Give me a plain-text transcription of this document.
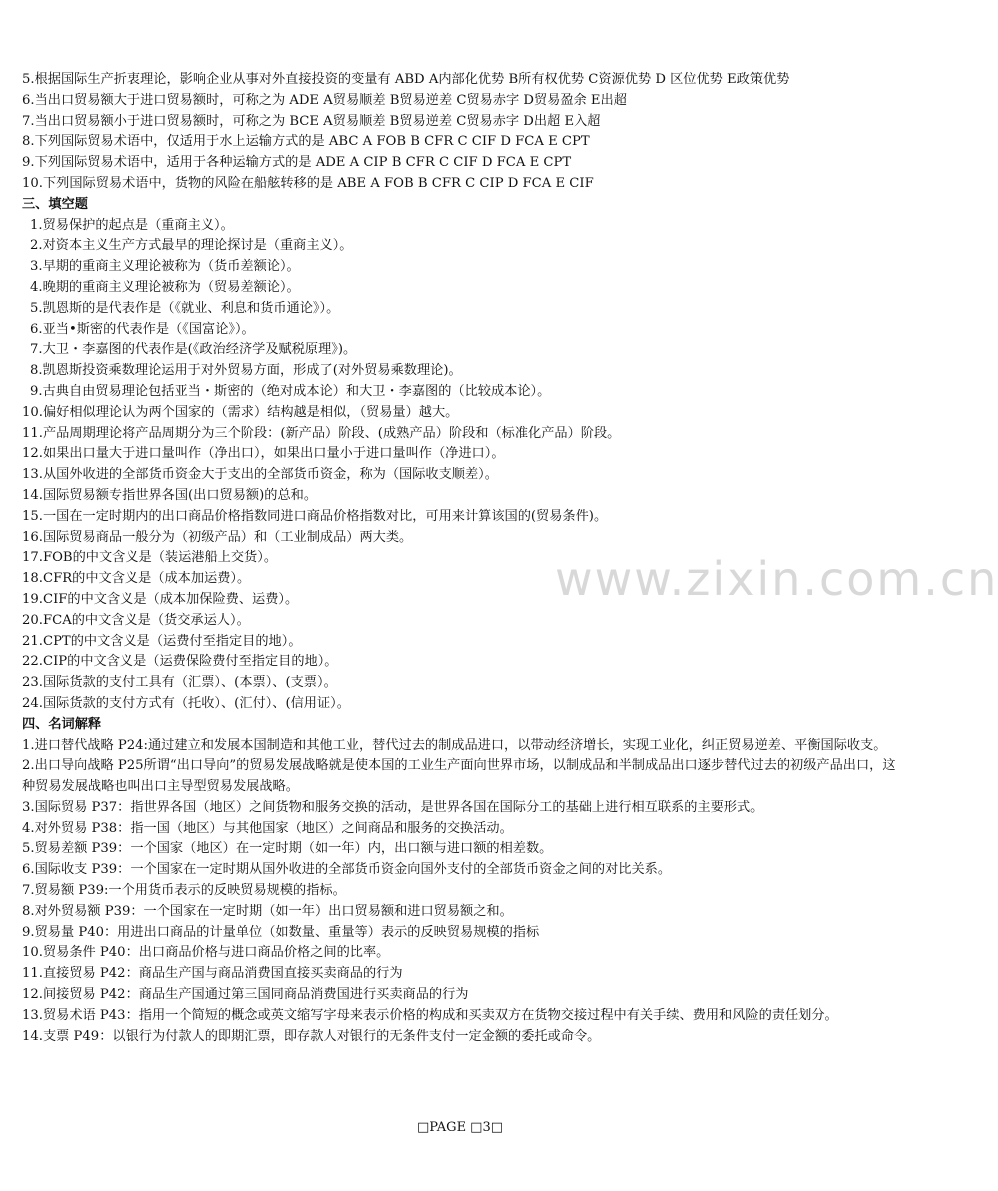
5.根据国际生产折衷理论，影响企业从事对外直接投资的变量有 ABD A内部化优势 B所有权优势 C资源优势 D 区位优势 E政策优势
6.当出口贸易额大于进口贸易额时，可称之为 ADE A贸易顺差 B贸易逆差 C贸易赤字 D贸易盈余 E出超
7.当出口贸易额小于进口贸易额时，可称之为 BCE A贸易顺差 B贸易逆差 C贸易赤字 D出超 E入超
8.下列国际贸易术语中，仅适用于水上运输方式的是 ABC A FOB B CFR C CIF D FCA E CPT
9.下列国际贸易术语中，适用于各种运输方式的是 ADE A CIP B CFR C CIF D FCA E CPT
10.下列国际贸易术语中，货物的风险在船舷转移的是 ABE A FOB B CFR C CIP D FCA E CIF
三、填空题
1.贸易保护的起点是（重商主义）。
2.对资本主义生产方式最早的理论探讨是（重商主义）。
3.早期的重商主义理论被称为（货币差额论）。
4.晚期的重商主义理论被称为（贸易差额论）。
5.凯恩斯的是代表作是（《就业、利息和货币通论》）。
6.亚当•斯密的代表作是（《国富论》）。
7.大卫・李嘉图的代表作是(《政治经济学及赋税原理》)。
8.凯恩斯投资乘数理论运用于对外贸易方面，形成了(对外贸易乘数理论)。
9.古典自由贸易理论包括亚当・斯密的（绝对成本论）和大卫・李嘉图的（比较成本论）。
10.偏好相似理论认为两个国家的（需求）结构越是相似，（贸易量）越大。
11.产品周期理论将产品周期分为三个阶段：(新产品）阶段、(成熟产品）阶段和（标准化产品）阶段。
12.如果出口量大于进口量叫作（净出口），如果出口量小于进口量叫作（净进口）。
13.从国外收进的全部货币资金大于支出的全部货币资金，称为（国际收支顺差）。
14.国际贸易额专指世界各国(出口贸易额)的总和。
15.一国在一定时期内的出口商品价格指数同进口商品价格指数对比，可用来计算该国的(贸易条件)。
16.国际贸易商品一般分为（初级产品）和（工业制成品）两大类。
17.FOB的中文含义是（装运港船上交货）。
18.CFR的中文含义是（成本加运费）。
19.CIF的中文含义是（成本加保险费、运费）。
20.FCA的中文含义是（货交承运人）。
21.CPT的中文含义是（运费付至指定目的地）。
22.CIP的中文含义是（运费保险费付至指定目的地）。
23.国际货款的支付工具有（汇票）、(本票）、(支票）。
24.国际货款的支付方式有（托收）、(汇付）、(信用证）。
四、名词解释
1.进口替代战略 P24:通过建立和发展本国制造和其他工业，替代过去的制成品进口，以带动经济增长，实现工业化，纠正贸易逆差、平衡国际收支。
2.出口导向战略 P25所谓“出口导向”的贸易发展战略就是使本国的工业生产面向世界市场，以制成品和半制成品出口逐步替代过去的初级产品出口，这种贸易发展战略也叫出口主导型贸易发展战略。
3.国际贸易 P37：指世界各国（地区）之间货物和服务交换的活动，是世界各国在国际分工的基础上进行相互联系的主要形式。
4.对外贸易 P38：指一国（地区）与其他国家（地区）之间商品和服务的交换活动。
5.贸易差额 P39：一个国家（地区）在一定时期（如一年）内，出口额与进口额的相差数。
6.国际收支 P39：一个国家在一定时期从国外收进的全部货币资金向国外支付的全部货币资金之间的对比关系。
7.贸易额 P39:一个用货币表示的反映贸易规模的指标。
8.对外贸易额 P39：一个国家在一定时期（如一年）出口贸易额和进口贸易额之和。
9.贸易量 P40：用进出口商品的计量单位（如数量、重量等）表示的反映贸易规模的指标
10.贸易条件 P40：出口商品价格与进口商品价格之间的比率。
11.直接贸易 P42：商品生产国与商品消费国直接买卖商品的行为
12.间接贸易 P42：商品生产国通过第三国同商品消费国进行买卖商品的行为
13.贸易术语 P43：指用一个简短的概念或英文缩写字母来表示价格的构成和买卖双方在货物交接过程中有关手续、费用和风险的责任划分。
14.支票 P49：以银行为付款人的即期汇票，即存款人对银行的无条件支付一定金额的委托或命令。
www.zixin.com.cn
□PAGE □3□
